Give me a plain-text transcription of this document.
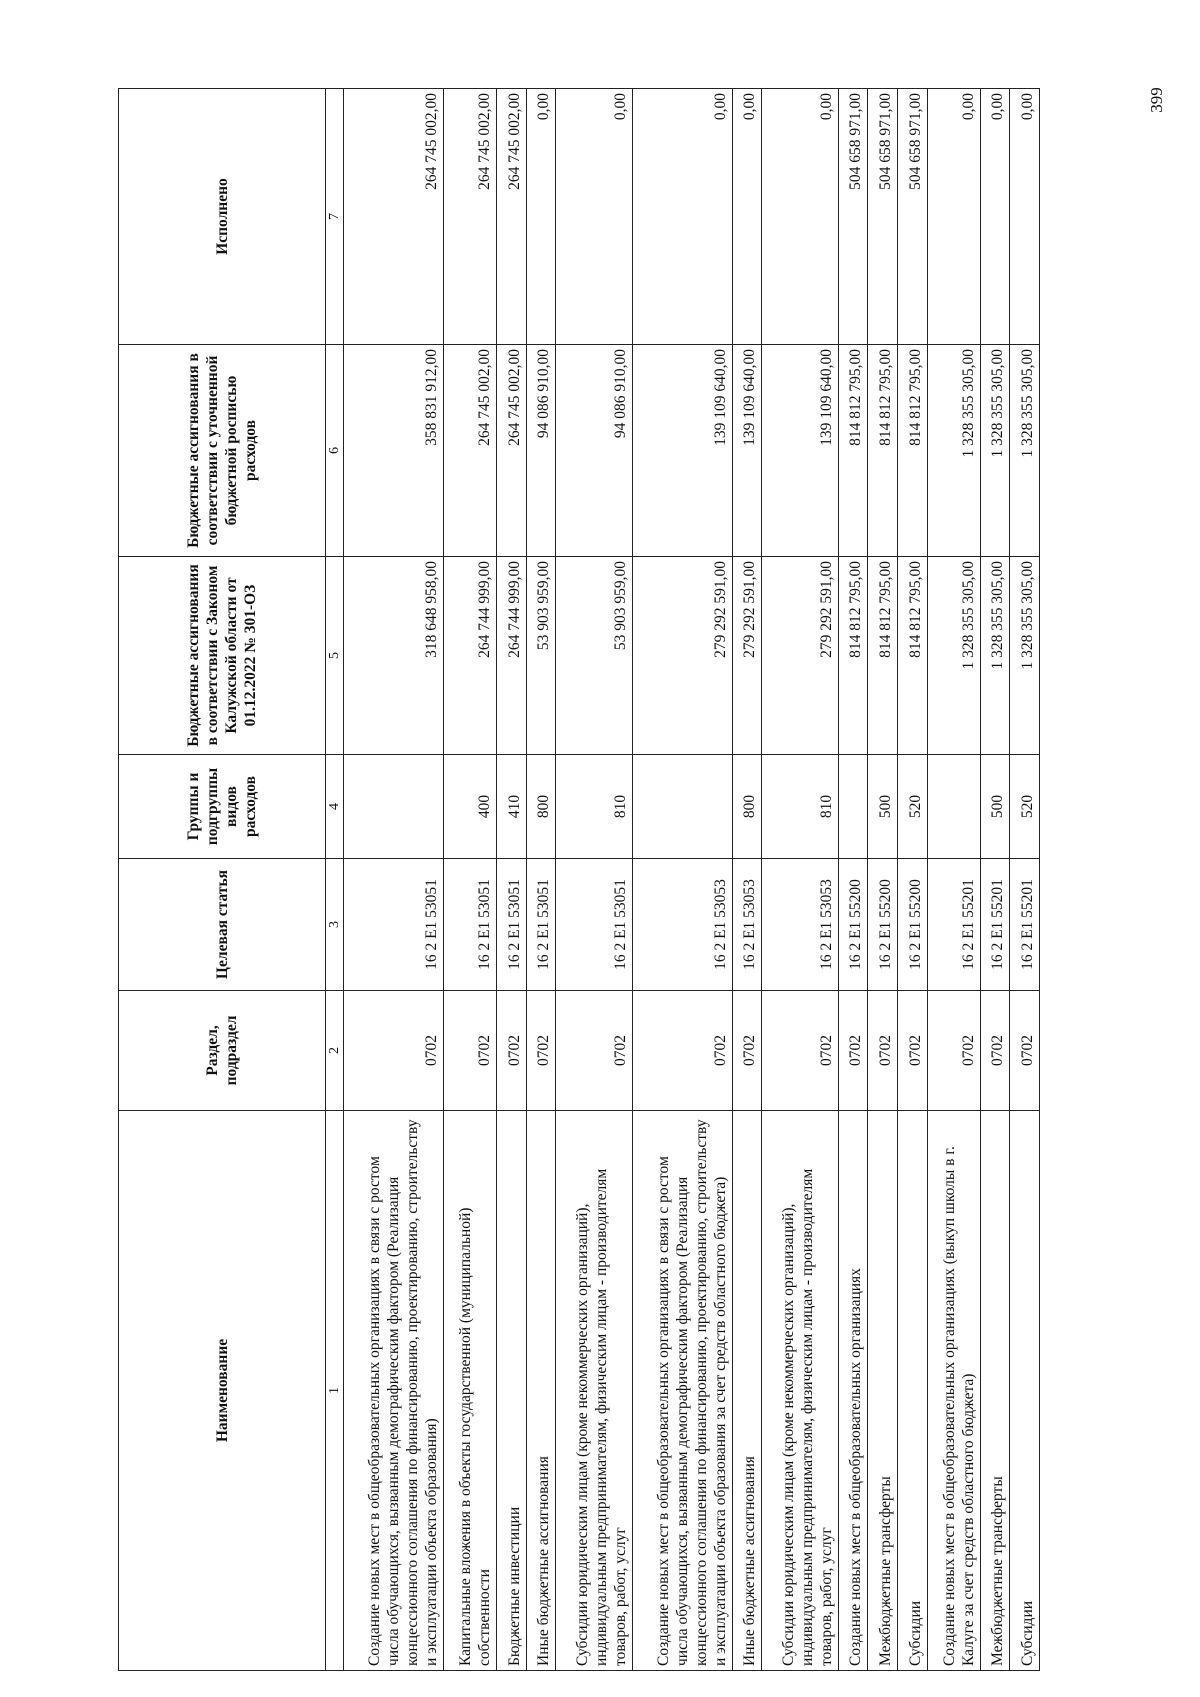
399
Наименование	Раздел, подраздел	Целевая статья	Группы и подгруппы видов расходов	Бюджетные ассигнования в соответствии с Законом Калужской области от 01.12.2022 № 301-ОЗ	Бюджетные ассигнования в соответствии с уточненной бюджетной росписью расходов	Исполнено
1	2	3	4	5	6	7
Создание новых мест в общеобразовательных организациях в связи с ростом числа обучающихся, вызванным демографическим фактором (Реализация концессионного соглашения по финансированию, проектированию, строительству и эксплуатации объекта образования)	0702	16 2 E1 53051		318 648 958,00	358 831 912,00	264 745 002,00
Капитальные вложения в объекты государственной (муниципальной) собственности	0702	16 2 E1 53051	400	264 744 999,00	264 745 002,00	264 745 002,00
Бюджетные инвестиции	0702	16 2 E1 53051	410	264 744 999,00	264 745 002,00	264 745 002,00
Иные бюджетные ассигнования	0702	16 2 E1 53051	800	53 903 959,00	94 086 910,00	0,00
Субсидии юридическим лицам (кроме некоммерческих организаций), индивидуальным предпринимателям, физическим лицам - производителям товаров, работ, услуг	0702	16 2 E1 53051	810	53 903 959,00	94 086 910,00	0,00
Создание новых мест в общеобразовательных организациях в связи с ростом числа обучающихся, вызванным демографическим фактором (Реализация концессионного соглашения по финансированию, проектированию, строительству и эксплуатации объекта образования за счет средств областного бюджета)	0702	16 2 E1 53053		279 292 591,00	139 109 640,00	0,00
Иные бюджетные ассигнования	0702	16 2 E1 53053	800	279 292 591,00	139 109 640,00	0,00
Субсидии юридическим лицам (кроме некоммерческих организаций), индивидуальным предпринимателям, физическим лицам - производителям товаров, работ, услуг	0702	16 2 E1 53053	810	279 292 591,00	139 109 640,00	0,00
Создание новых мест в общеобразовательных организациях	0702	16 2 E1 55200		814 812 795,00	814 812 795,00	504 658 971,00
Межбюджетные трансферты	0702	16 2 E1 55200	500	814 812 795,00	814 812 795,00	504 658 971,00
Субсидии	0702	16 2 E1 55200	520	814 812 795,00	814 812 795,00	504 658 971,00
Создание новых мест в общеобразовательных организациях (выкуп школы в г. Калуге за счет средств областного бюджета)	0702	16 2 E1 55201		1 328 355 305,00	1 328 355 305,00	0,00
Межбюджетные трансферты	0702	16 2 E1 55201	500	1 328 355 305,00	1 328 355 305,00	0,00
Субсидии	0702	16 2 E1 55201	520	1 328 355 305,00	1 328 355 305,00	0,00
